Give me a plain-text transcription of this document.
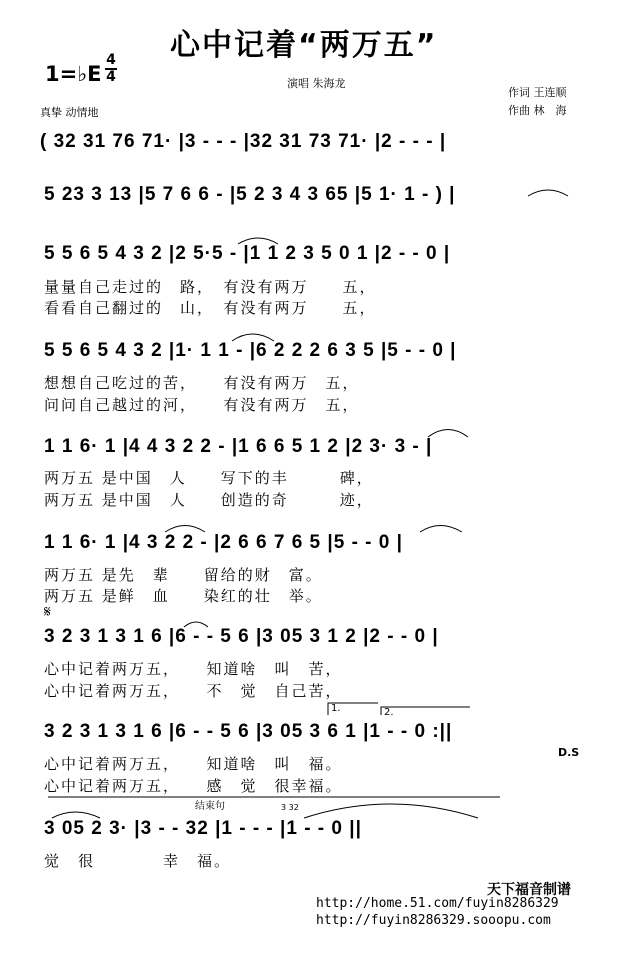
心中记着“两万五”
1=♭E
4
4	演唱 朱海龙
作词 王连顺
作曲 林　海
真挚 动情地
( 32 31 76 71· |3 - - - |32 31 73 71· |2 - - - |
5 23 3 13 |5 7 6 6 - |5 2 3 4 3 65 |5 1· 1 - ) |
5 5 6 5 4 3 2 |2 5·5 - |1 1 2 3 5 0 1 |2 - - 0 |
量量自己走过的　路，　有没有两万　　五，
看看自己翻过的　山，　有没有两万　　五，
5 5 6 5 4 3 2 |1· 1 1 - |6 2 2 2 6 3 5 |5 - - 0 |
想想自己吃过的苦，　　有没有两万　五，
问问自己越过的河，　　有没有两万　五，
1 1 6· 1 |4 4 3 2 2 - |1 6 6 5 1 2 |2 3· 3 - |
两万五 是中国　人　　写下的丰　　　碑，
两万五 是中国　人　　创造的奇　　　迹，
1 1 6· 1 |4 3 2 2 - |2 6 6 7 6 5 |5 - - 0 |
两万五 是先　辈　　留给的财　富。
两万五 是鲜　血　　染红的壮　举。
𝄋
3 2 3 1 3 1 6 |6 - - 5 6 |3 05 3 1 2 |2 - - 0 |
心中记着两万五，　　知道啥　叫　苦，
心中记着两万五，　　不　觉　自己苦，
1.	2.
3 2 3 1 3 1 6 |6 - - 5 6 |3 05 3 6 1 |1 - - 0 :||
D.S
心中记着两万五，　　知道啥　叫　福。
心中记着两万五，　　感　觉　很幸福。
结束句	3 32
3 05 2 3· |3 - - 32 |1 - - - |1 - - 0 ||
觉　很　　　　幸　福。
天下福音制谱
http://home.51.com/fuyin8286329
http://fuyin8286329.sooopu.com
